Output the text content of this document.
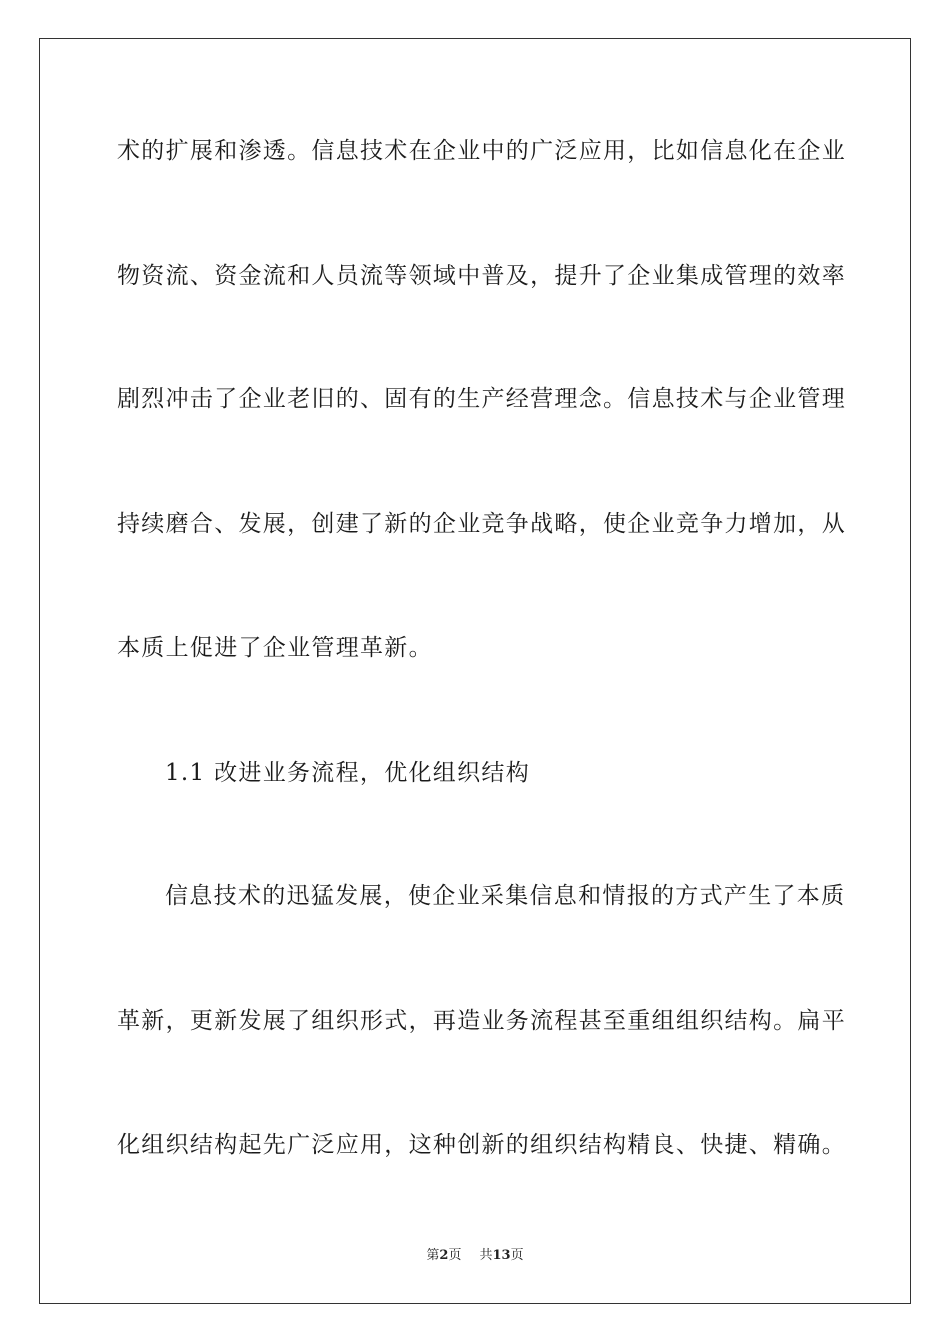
术的扩展和渗透。信息技术在企业中的广泛应用，比如信息化在企业
物资流、资金流和人员流等领域中普及，提升了企业集成管理的效率
剧烈冲击了企业老旧的、固有的生产经营理念。信息技术与企业管理
持续磨合、发展，创建了新的企业竞争战略，使企业竞争力增加，从
本质上促进了企业管理革新。
1.1 改进业务流程，优化组织结构
信息技术的迅猛发展，使企业采集信息和情报的方式产生了本质
革新，更新发展了组织形式，再造业务流程甚至重组组织结构。扁平
化组织结构起先广泛应用，这种创新的组织结构精良、快捷、精确。
第2页 共13页
